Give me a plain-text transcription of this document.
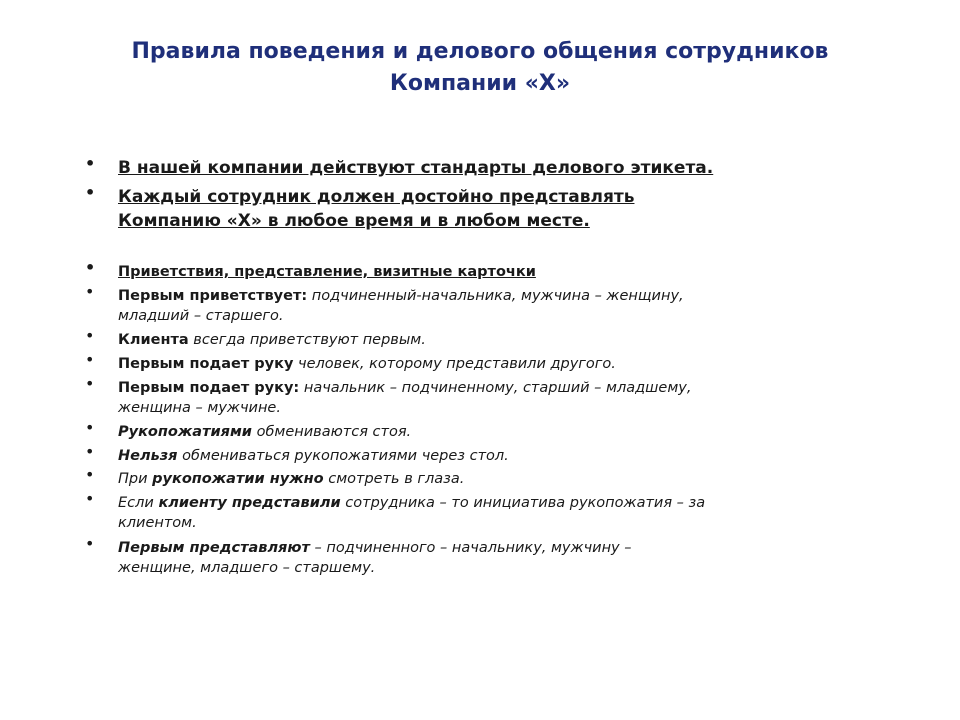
Правила поведения и делового общения сотрудников
Компании «Х»
• В нашей компании действуют стандарты делового этикета.
• Каждый сотрудник должен достойно представлять
Компанию «Х» в любое время и в любом месте.
• Приветствия, представление, визитные карточки
• Первым приветствует: подчиненный-начальника, мужчина – женщину,
младший – старшего.
• Клиента всегда приветствуют первым.
• Первым подает руку человек, которому представили другого.
• Первым подает руку: начальник – подчиненному, старший – младшему,
женщина – мужчине.
• Рукопожатиями обмениваются стоя.
• Нельзя обмениваться рукопожатиями через стол.
• При рукопожатии нужно смотреть в глаза.
• Если клиенту представили сотрудника – то инициатива рукопожатия – за
клиентом.
• Первым представляют – подчиненного – начальнику, мужчину –
женщине, младшего – старшему.
